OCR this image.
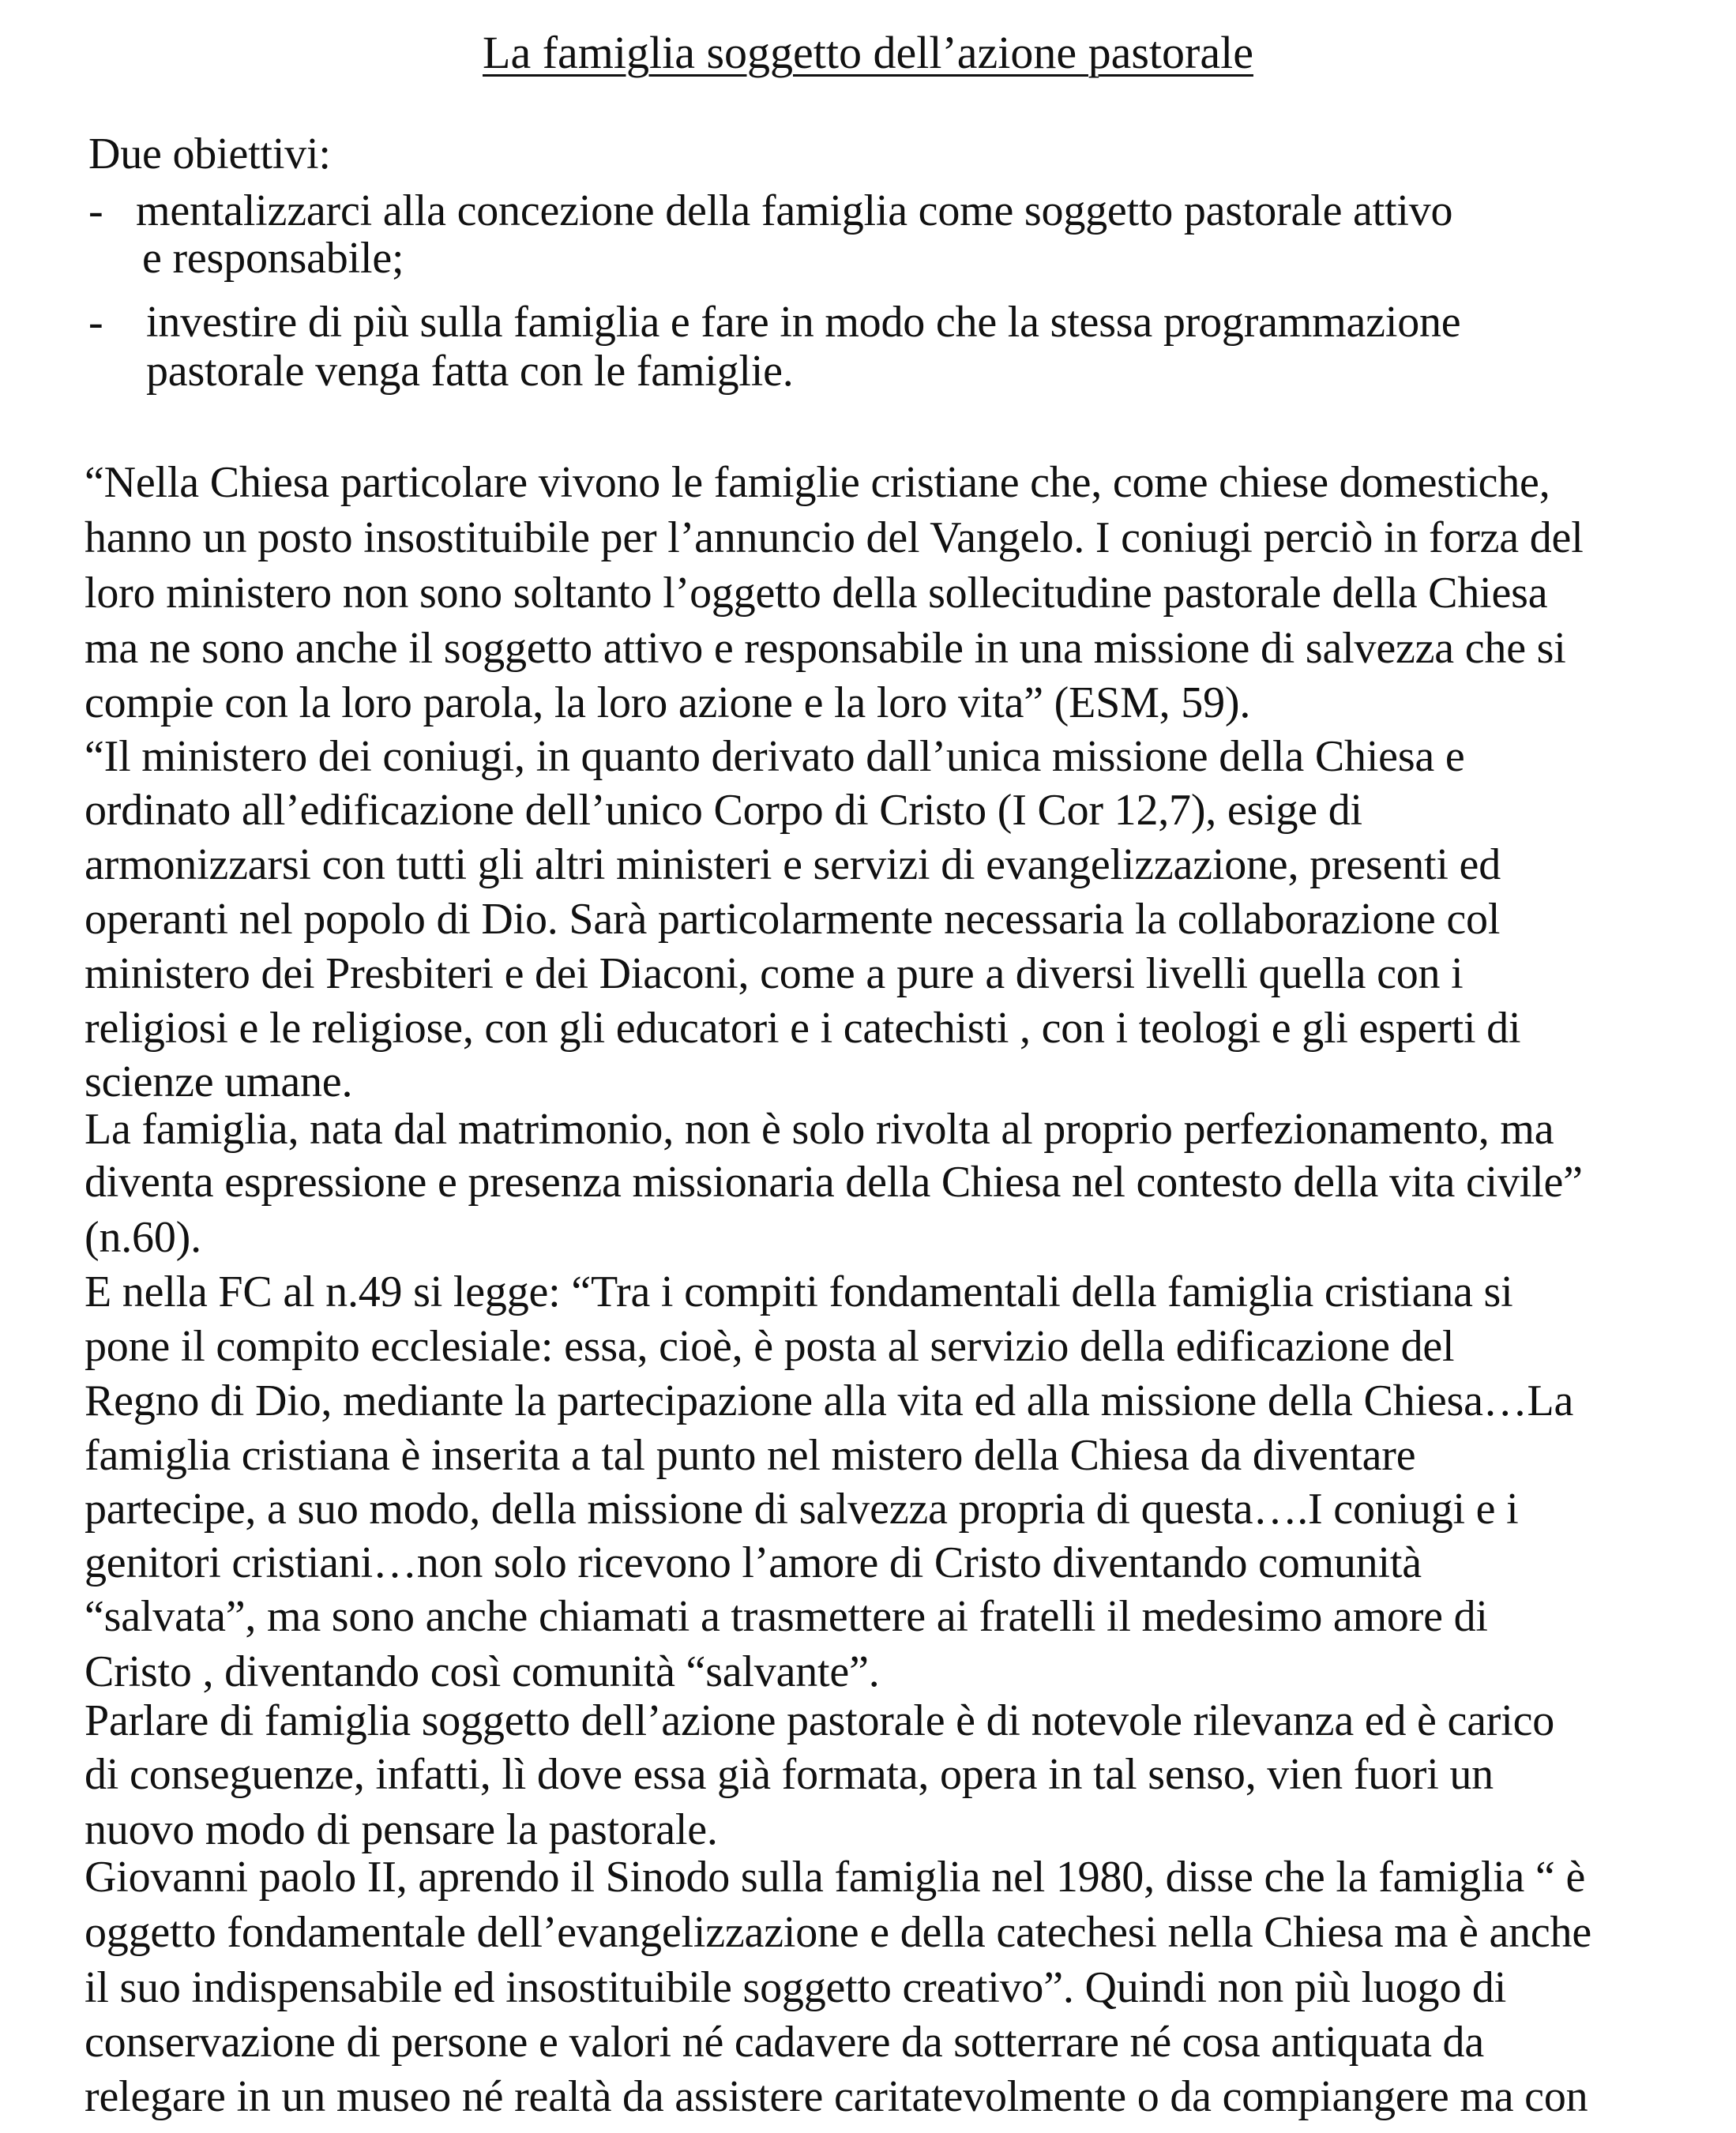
La famiglia soggetto dell’azione pastorale
Due obiettivi:
- mentalizzarci alla concezione della famiglia come soggetto pastorale attivo
e responsabile;
- investire di più sulla famiglia e fare in modo che la stessa programmazione
pastorale venga fatta con le famiglie.
“Nella Chiesa particolare vivono le famiglie cristiane che, come chiese domestiche,
hanno un posto insostituibile per l’annuncio del Vangelo. I coniugi perciò in forza del
loro ministero non sono soltanto l’oggetto della sollecitudine pastorale della Chiesa
ma ne sono anche il soggetto attivo e responsabile in una missione di salvezza che si
compie con la loro parola, la loro azione e la loro vita” (ESM, 59).
“Il ministero dei coniugi, in quanto derivato dall’unica missione della Chiesa e
ordinato all’edificazione dell’unico Corpo di Cristo (I Cor 12,7), esige di
armonizzarsi con tutti gli altri ministeri e servizi di evangelizzazione, presenti ed
operanti nel popolo di Dio. Sarà particolarmente necessaria la collaborazione col
ministero dei Presbiteri e dei Diaconi, come a pure a diversi livelli quella con i
religiosi e le religiose, con gli educatori e i catechisti , con i teologi e gli esperti di
scienze umane.
La famiglia, nata dal matrimonio, non è solo rivolta al proprio perfezionamento, ma
diventa espressione e presenza missionaria della Chiesa nel contesto della vita civile”
(n.60).
E nella FC al n.49 si legge: “Tra i compiti fondamentali della famiglia cristiana si
pone il compito ecclesiale: essa, cioè, è posta al servizio della edificazione del
Regno di Dio, mediante la partecipazione alla vita ed alla missione della Chiesa…La
famiglia cristiana è inserita a tal punto nel mistero della Chiesa da diventare
partecipe, a suo modo, della missione di salvezza propria di questa….I coniugi e i
genitori cristiani…non solo ricevono l’amore di Cristo diventando comunità
“salvata”, ma sono anche chiamati a trasmettere ai fratelli il medesimo amore di
Cristo , diventando così comunità “salvante”.
Parlare di famiglia soggetto dell’azione pastorale è di notevole rilevanza ed è carico
di conseguenze, infatti, lì dove essa già formata, opera in tal senso, vien fuori un
nuovo modo di pensare la pastorale.
Giovanni paolo II, aprendo il Sinodo sulla famiglia nel 1980, disse che la famiglia “ è
oggetto fondamentale dell’evangelizzazione e della catechesi nella Chiesa ma è anche
il suo indispensabile ed insostituibile soggetto creativo”. Quindi non più luogo di
conservazione di persone e valori né cadavere da sotterrare né cosa antiquata da
relegare in un museo né realtà da assistere caritatevolmente o da compiangere ma con
